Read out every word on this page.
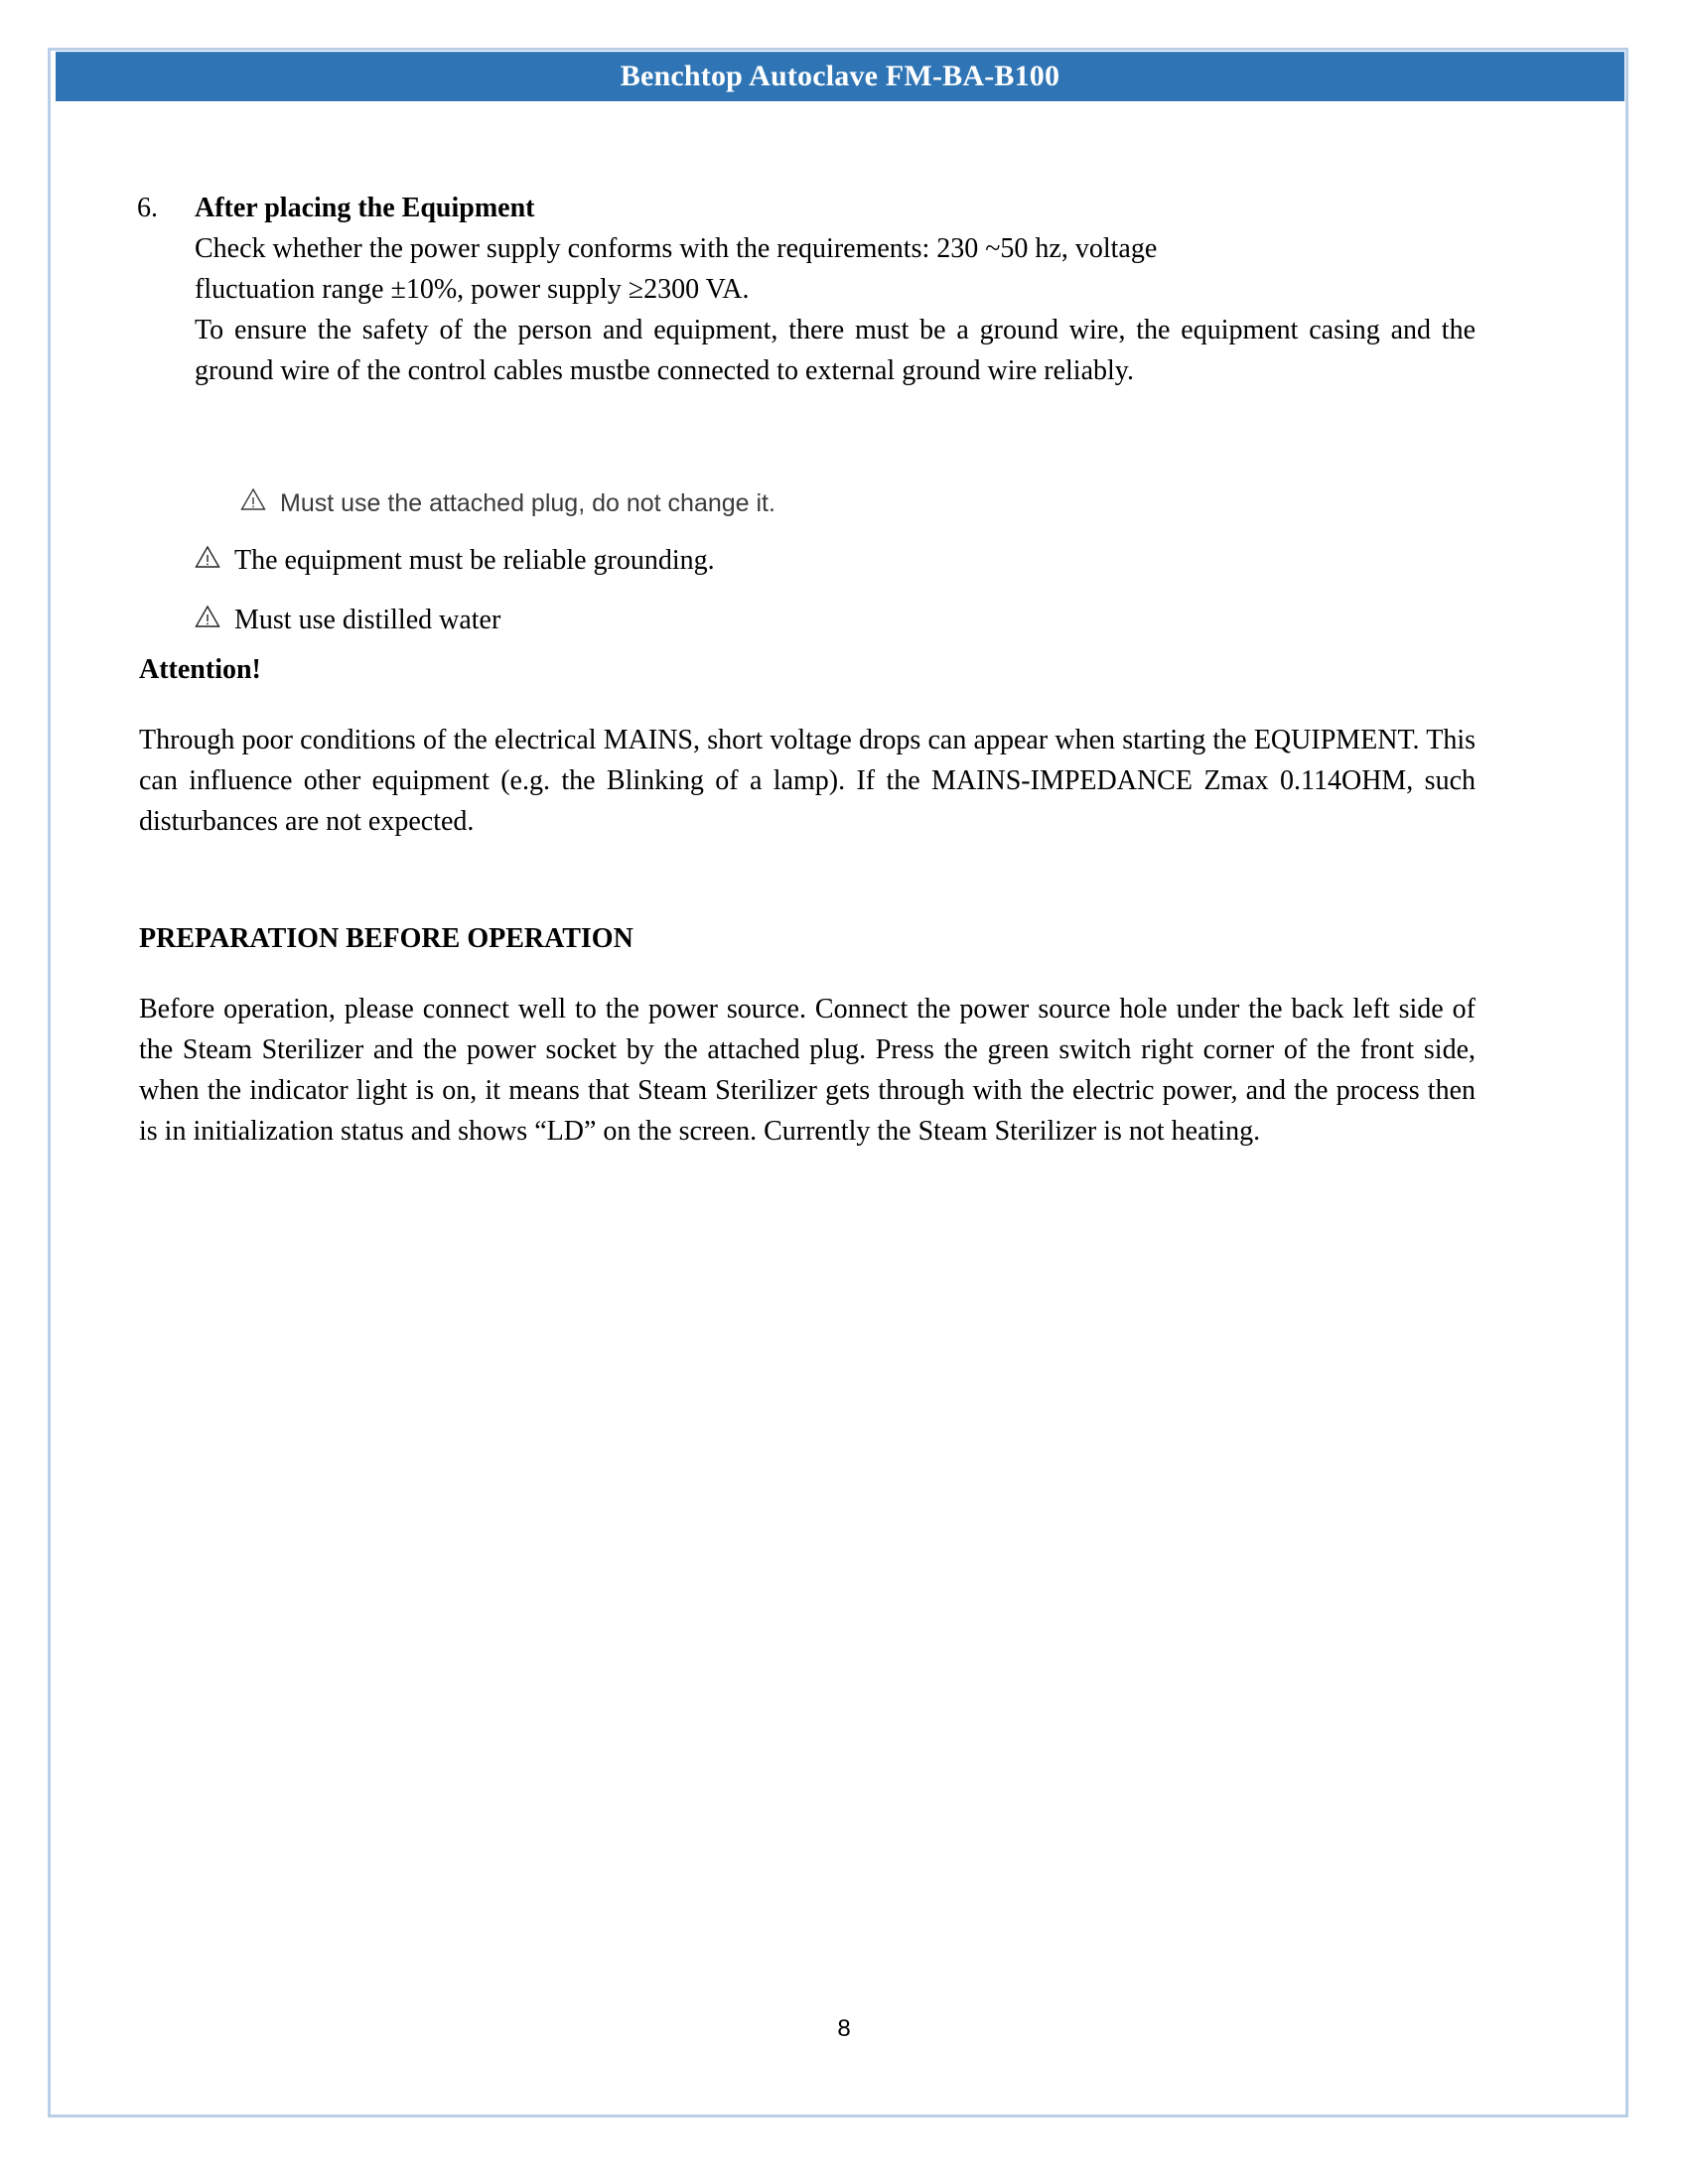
Benchtop Autoclave FM-BA-B100
6. After placing the Equipment
Check whether the power supply conforms with the requirements: 230 ~50 hz, voltage
fluctuation range ±10%, power supply ≥2300 VA.
To ensure the safety of the person and equipment, there must be a ground wire, the equipment casing and the ground wire of the control cables mustbe connected to external ground wire reliably.
Must use the attached plug, do not change it.
The equipment must be reliable grounding.
Must use distilled water
Attention!
Through poor conditions of the electrical MAINS, short voltage drops can appear when starting the EQUIPMENT. This can influence other equipment (e.g. the Blinking of a lamp). If the MAINS-IMPEDANCE Zmax 0.114OHM, such disturbances are not expected.
PREPARATION BEFORE OPERATION
Before operation, please connect well to the power source. Connect the power source hole under the back left side of the Steam Sterilizer and the power socket by the attached plug. Press the green switch right corner of the front side, when the indicator light is on, it means that Steam Sterilizer gets through with the electric power, and the process then is in initialization status and shows “LD” on the screen. Currently the Steam Sterilizer is not heating.
8
